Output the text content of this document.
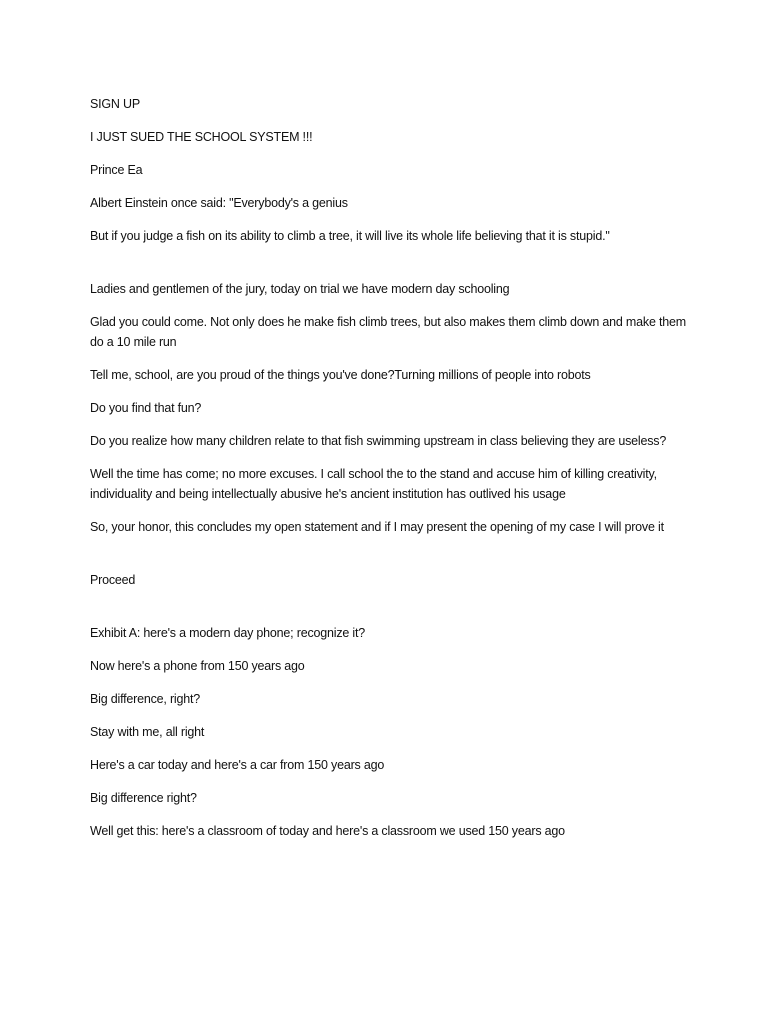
SIGN UP

I JUST SUED THE SCHOOL SYSTEM !!!

Prince Ea

Albert Einstein once said: "Everybody's a genius

But if you judge a fish on its ability to climb a tree, it will live its whole life believing that it is stupid."

Ladies and gentlemen of the jury, today on trial we have modern day schooling

Glad you could come. Not only does he make fish climb trees, but also makes them climb down and make them do a 10 mile run

Tell me, school, are you proud of the things you've done?Turning millions of people into robots

Do you find that fun?

Do you realize how many children relate to that fish swimming upstream in class believing they are useless?

Well the time has come; no more excuses. I call school the to the stand and accuse him of killing creativity, individuality and being intellectually abusive he's ancient institution has outlived his usage

So, your honor, this concludes my open statement and if I may present the opening of my case I will prove it

Proceed

Exhibit A: here's a modern day phone; recognize it?

Now here's a phone from 150 years ago

Big difference, right?

Stay with me, all right

Here's a car today and here's a car from 150 years ago

Big difference right?

Well get this: here's a classroom of today and here's a classroom we used 150 years ago
